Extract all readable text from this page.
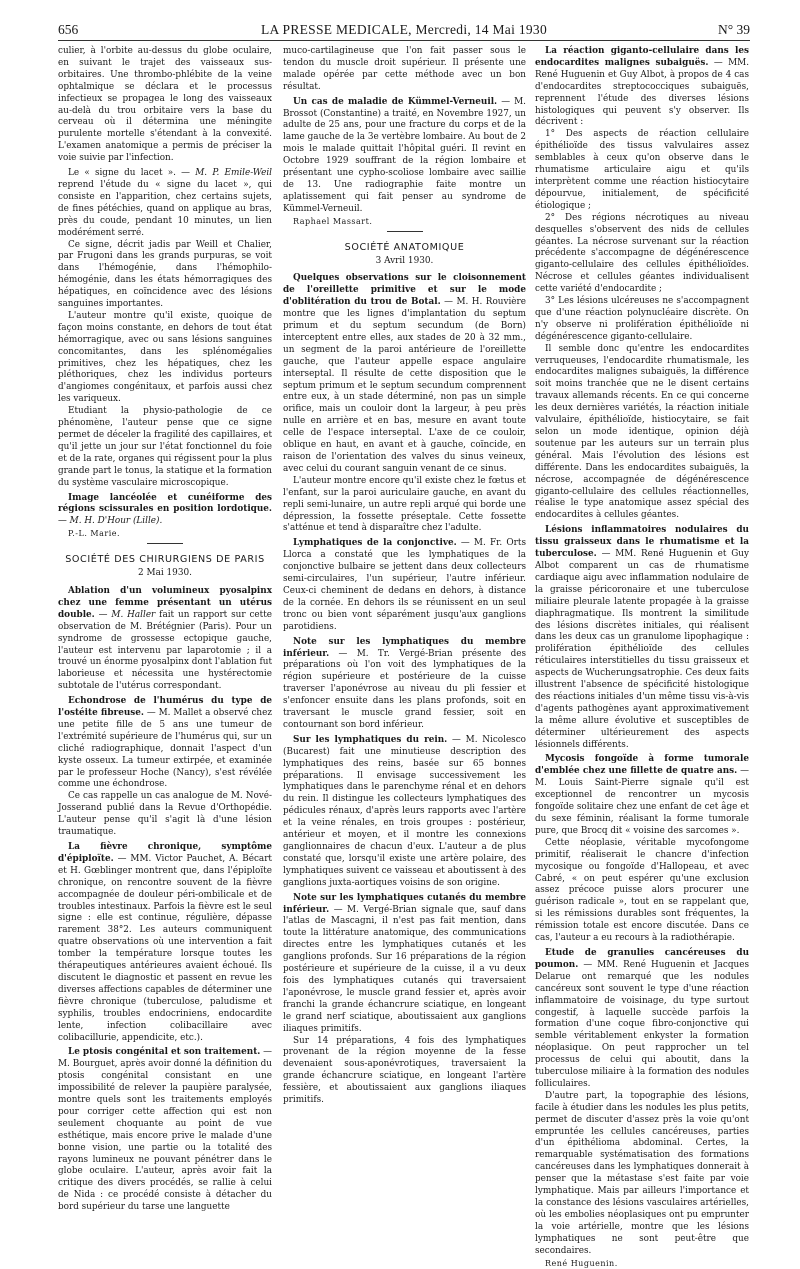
656	LA PRESSE MEDICALE, Mercredi, 14 Mai 1930	N° 39

culier, à l'orbite au-dessus du globe oculaire, en suivant le trajet des vaisseaux sus-orbitaires. Une thrombo-phlébite de la veine ophtalmique se déclara et le processus infectieux se propagea le long des vaisseaux au-delà du trou orbitaire vers la base du cerveau où il détermina une méningite purulente mortelle s'étendant à la convexité. L'examen anatomique a permis de préciser la voie suivie par l'infection.

Le « signe du lacet ». — M. P. Emile-Weil reprend l'étude du « signe du lacet », qui consiste en l'apparition, chez certains sujets, de fines pétéchies, quand on applique au bras, près du coude, pendant 10 minutes, un lien modérément serré.

Ce signe, décrit jadis par Weill et Chalier, par Frugoni dans les grands purpuras, se voit dans l'hémogénie, dans l'hémophilo-hémogénie, dans les états hémorragiques des hépatiques, en coïncidence avec des lésions sanguines importantes.

L'auteur montre qu'il existe, quoique de façon moins constante, en dehors de tout état hémorragique, avec ou sans lésions sanguines concomitantes, dans les splénomégalies primitives, chez les hépatiques, chez les pléthoriques, chez les individus porteurs d'angiomes congénitaux, et parfois aussi chez les variqueux.

Etudiant la physio-pathologie de ce phénomène, l'auteur pense que ce signe permet de déceler la fragilité des capillaires, et qu'il jette un jour sur l'état fonctionnel du foie et de la rate, organes qui régissent pour la plus grande part le tonus, la statique et la formation du système vasculaire microscopique.

Image lancéolée et cunéiforme des régions scissurales en position lordotique. — M. H. D'Hour (Lille).

P.-L. Marie.

SOCIÉTÉ DES CHIRURGIENS DE PARIS
2 Mai 1930.

Ablation d'un volumineux pyosalpinx chez une femme présentant un utérus double. — M. Haller fait un rapport sur cette observation de M. Brétégnier (Paris). Pour un syndrome de grossesse ectopique gauche, l'auteur est intervenu par laparotomie ; il a trouvé un énorme pyosalpinx dont l'ablation fut laborieuse et nécessita une hystérectomie subtotale de l'utérus correspondant.

Echondrose de l'humérus du type de l'ostéite fibreuse. — M. Mallet a observé chez une petite fille de 5 ans une tumeur de l'extrémité supérieure de l'humérus qui, sur un cliché radiographique, donnait l'aspect d'un kyste osseux. La tumeur extirpée, et examinée par le professeur Hoche (Nancy), s'est révélée comme une échondrose.

Ce cas rappelle un cas analogue de M. Nové-Josserand publié dans la Revue d'Orthopédie. L'auteur pense qu'il s'agit là d'une lésion traumatique.

La fièvre chronique, symptôme d'épiploïte. — MM. Victor Pauchet, A. Bécart et H. Gœblinger montrent que, dans l'épiploïte chronique, on rencontre souvent de la fièvre accompagnée de douleur péri-ombilicale et de troubles intestinaux. Parfois la fièvre est le seul signe : elle est continue, régulière, dépasse rarement 38°2. Les auteurs communiquent quatre observations où une intervention a fait tomber la température lorsque toutes les thérapeutiques antérieures avaient échoué. Ils discutent le diagnostic et passent en revue les diverses affections capables de déterminer une fièvre chronique (tuberculose, paludisme et syphilis, troubles endocriniens, endocardite lente, infection colibacillaire avec colibacillurie, appendicite, etc.).

Le ptosis congénital et son traitement. — M. Bourguet, après avoir donné la définition du ptosis congénital consistant en une impossibilité de relever la paupière paralysée, montre quels sont les traitements employés pour corriger cette affection qui est non seulement choquante au point de vue esthétique, mais encore prive le malade d'une bonne vision, une partie ou la totalité des rayons lumineux ne pouvant pénétrer dans le globe oculaire. L'auteur, après avoir fait la critique des divers procédés, se rallie à celui de Nida : ce procédé consiste à détacher du bord supérieur du tarse une languette

muco-cartilagineuse que l'on fait passer sous le tendon du muscle droit supérieur. Il présente une malade opérée par cette méthode avec un bon résultat.

Un cas de maladie de Kümmel-Verneuil. — M. Brossot (Constantine) a traité, en Novembre 1927, un adulte de 25 ans, pour une fracture du corps et de la lame gauche de la 3e vertèbre lombaire. Au bout de 2 mois le malade quittait l'hôpital guéri. Il revint en Octobre 1929 souffrant de la région lombaire et présentant une cypho-scoliose lombaire avec saillie de 13. Une radiographie faite montre un aplatissement qui fait penser au syndrome de Kümmel-Verneuil.

Raphael Massart.

SOCIÉTÉ ANATOMIQUE
3 Avril 1930.

Quelques observations sur le cloisonnement de l'oreillette primitive et sur le mode d'oblitération du trou de Botal. — M. H. Rouvière montre que les lignes d'implantation du septum primum et du septum secundum (de Born) interceptent entre elles, aux stades de 20 à 32 mm., un segment de la paroi antérieure de l'oreillette gauche, que l'auteur appelle espace angulaire interseptal. Il résulte de cette disposition que le septum primum et le septum secundum comprennent entre eux, à un stade déterminé, non pas un simple orifice, mais un couloir dont la largeur, à peu près nulle en arrière et en bas, mesure en avant toute celle de l'espace interseptal. L'axe de ce couloir, oblique en haut, en avant et à gauche, coïncide, en raison de l'orientation des valves du sinus veineux, avec celui du courant sanguin venant de ce sinus.

L'auteur montre encore qu'il existe chez le fœtus et l'enfant, sur la paroi auriculaire gauche, en avant du repli semi-lunaire, un autre repli arqué qui borde une dépression, la fossette préseptale. Cette fossette s'atténue et tend à disparaître chez l'adulte.

Lymphatiques de la conjonctive. — M. Fr. Orts Llorca a constaté que les lymphatiques de la conjonctive bulbaire se jettent dans deux collecteurs semi-circulaires, l'un supérieur, l'autre inférieur. Ceux-ci cheminent de dedans en dehors, à distance de la cornée. En dehors ils se réunissent en un seul tronc ou bien vont séparément jusqu'aux ganglions parotidiens.

Note sur les lymphatiques du membre inférieur. — M. Tr. Vergé-Brian présente des préparations où l'on voit des lymphatiques de la région supérieure et postérieure de la cuisse traverser l'aponévrose au niveau du pli fessier et s'enfoncer ensuite dans les plans profonds, soit en traversant le muscle grand fessier, soit en contournant son bord inférieur.

Sur les lymphatiques du rein. — M. Nicolesco (Bucarest) fait une minutieuse description des lymphatiques des reins, basée sur 65 bonnes préparations. Il envisage successivement les lymphatiques dans le parenchyme rénal et en dehors du rein. Il distingue les collecteurs lymphatiques des pédicules rénaux, d'après leurs rapports avec l'artère et la veine rénales, en trois groupes : postérieur, antérieur et moyen, et il montre les connexions ganglionnaires de chacun d'eux. L'auteur a de plus constaté que, lorsqu'il existe une artère polaire, des lymphatiques suivent ce vaisseau et aboutissent à des ganglions juxta-aortiques voisins de son origine.

Note sur les lymphatiques cutanés du membre inférieur. — M. Vergé-Brian signale que, sauf dans l'atlas de Mascagni, il n'est pas fait mention, dans toute la littérature anatomique, des communications directes entre les lymphatiques cutanés et les ganglions profonds. Sur 16 préparations de la région postérieure et supérieure de la cuisse, il a vu deux fois des lymphatiques cutanés qui traversaient l'aponévrose, le muscle grand fessier et, après avoir franchi la grande échancrure sciatique, en longeant le grand nerf sciatique, aboutissaient aux ganglions iliaques primitifs.

Sur 14 préparations, 4 fois des lymphatiques provenant de la région moyenne de la fesse devenaient sous-aponévrotiques, traversaient la grande échancrure sciatique, en longeant l'artère fessière, et aboutissaient aux ganglions iliaques primitifs.

La réaction giganto-cellulaire dans les endocardites malignes subaiguës. — MM. René Huguenin et Guy Albot, à propos de 4 cas d'endocardites streptococciques subaiguës, reprennent l'étude des diverses lésions histologiques qui peuvent s'y observer. Ils décrivent :

1° Des aspects de réaction cellulaire épithélioïde des tissus valvulaires assez semblables à ceux qu'on observe dans le rhumatisme articulaire aigu et qu'ils interprètent comme une réaction histiocytaire dépourvue, initialement, de spécificité étiologique ;

2° Des régions nécrotiques au niveau desquelles s'observent des nids de cellules géantes. La nécrose survenant sur la réaction précédente s'accompagne de dégénérescence giganto-cellulaire des cellules épithélioïdes. Nécrose et cellules géantes individualisent cette variété d'endocardite ;

3° Les lésions ulcéreuses ne s'accompagnent que d'une réaction polynucléaire discrète. On n'y observe ni prolifération épithélioïde ni dégénérescence giganto-cellulaire.

Il semble donc qu'entre les endocardites verruqueuses, l'endocardite rhumatismale, les endocardites malignes subaiguës, la différence soit moins tranchée que ne le disent certains travaux allemands récents. En ce qui concerne les deux dernières variétés, la réaction initiale valvulaire, épithélioïde, histiocytaire, se fait selon un mode identique, opinion déjà soutenue par les auteurs sur un terrain plus général. Mais l'évolution des lésions est différente. Dans les endocardites subaiguës, la nécrose, accompagnée de dégénérescence giganto-cellulaire des cellules réactionnelles, réalise le type anatomique assez spécial des endocardites à cellules géantes.

Lésions inflammatoires nodulaires du tissu graisseux dans le rhumatisme et la tuberculose. — MM. René Huguenin et Guy Albot comparent un cas de rhumatisme cardiaque aigu avec inflammation nodulaire de la graisse péricoronaire et une tuberculose miliaire pleurale latente propagée à la graisse diaphragmatique. Ils montrent la similitude des lésions discrètes initiales, qui réalisent dans les deux cas un granulome lipophagique : prolifération épithélioïde des cellules réticulaires interstitielles du tissu graisseux et aspects de Wucherungsatrophie. Ces deux faits illustrent l'absence de spécificité histologique des réactions initiales d'un même tissu vis-à-vis d'agents pathogènes ayant approximativement la même allure évolutive et susceptibles de déterminer ultérieurement des aspects lésionnels différents.

Mycosis fongoïde à forme tumorale d'emblée chez une fillette de quatre ans. — M. Louis Saint-Pierre signale qu'il est exceptionnel de rencontrer un mycosis fongoïde solitaire chez une enfant de cet âge et du sexe féminin, réalisant la forme tumorale pure, que Brocq dit « voisine des sarcomes ».

Cette néoplasie, véritable mycofongome primitif, réaliserait le chancre d'infection mycosique ou fongoïde d'Hallopeau, et avec Cabré, « on peut espérer qu'une exclusion assez précoce puisse alors procurer une guérison radicale », tout en se rappelant que, si les rémissions durables sont fréquentes, la rémission totale est encore discutée. Dans ce cas, l'auteur a eu recours à la radiothérapie.

Etude de granulies cancéreuses du poumon. — MM. René Huguenin et Jacques Delarue ont remarqué que les nodules cancéreux sont souvent le type d'une réaction inflammatoire de voisinage, du type surtout congestif, à laquelle succède parfois la formation d'une coque fibro-conjonctive qui semble véritablement enkyster la formation néoplasique. On peut rapprocher un tel processus de celui qui aboutit, dans la tuberculose miliaire à la formation des nodules folliculaires.

D'autre part, la topographie des lésions, facile à étudier dans les nodules les plus petits, permet de discuter d'assez près la voie qu'ont empruntée les cellules cancéreuses, parties d'un épithélioma abdominal. Certes, la remarquable systématisation des formations cancéreuses dans les lymphatiques donnerait à penser que la métastase s'est faite par voie lymphatique. Mais par ailleurs l'importance et la constance des lésions vasculaires artérielles, où les embolies néoplasiques ont pu emprunter la voie artérielle, montre que les lésions lymphatiques ne sont peut-être que secondaires.

René Huguenin.
